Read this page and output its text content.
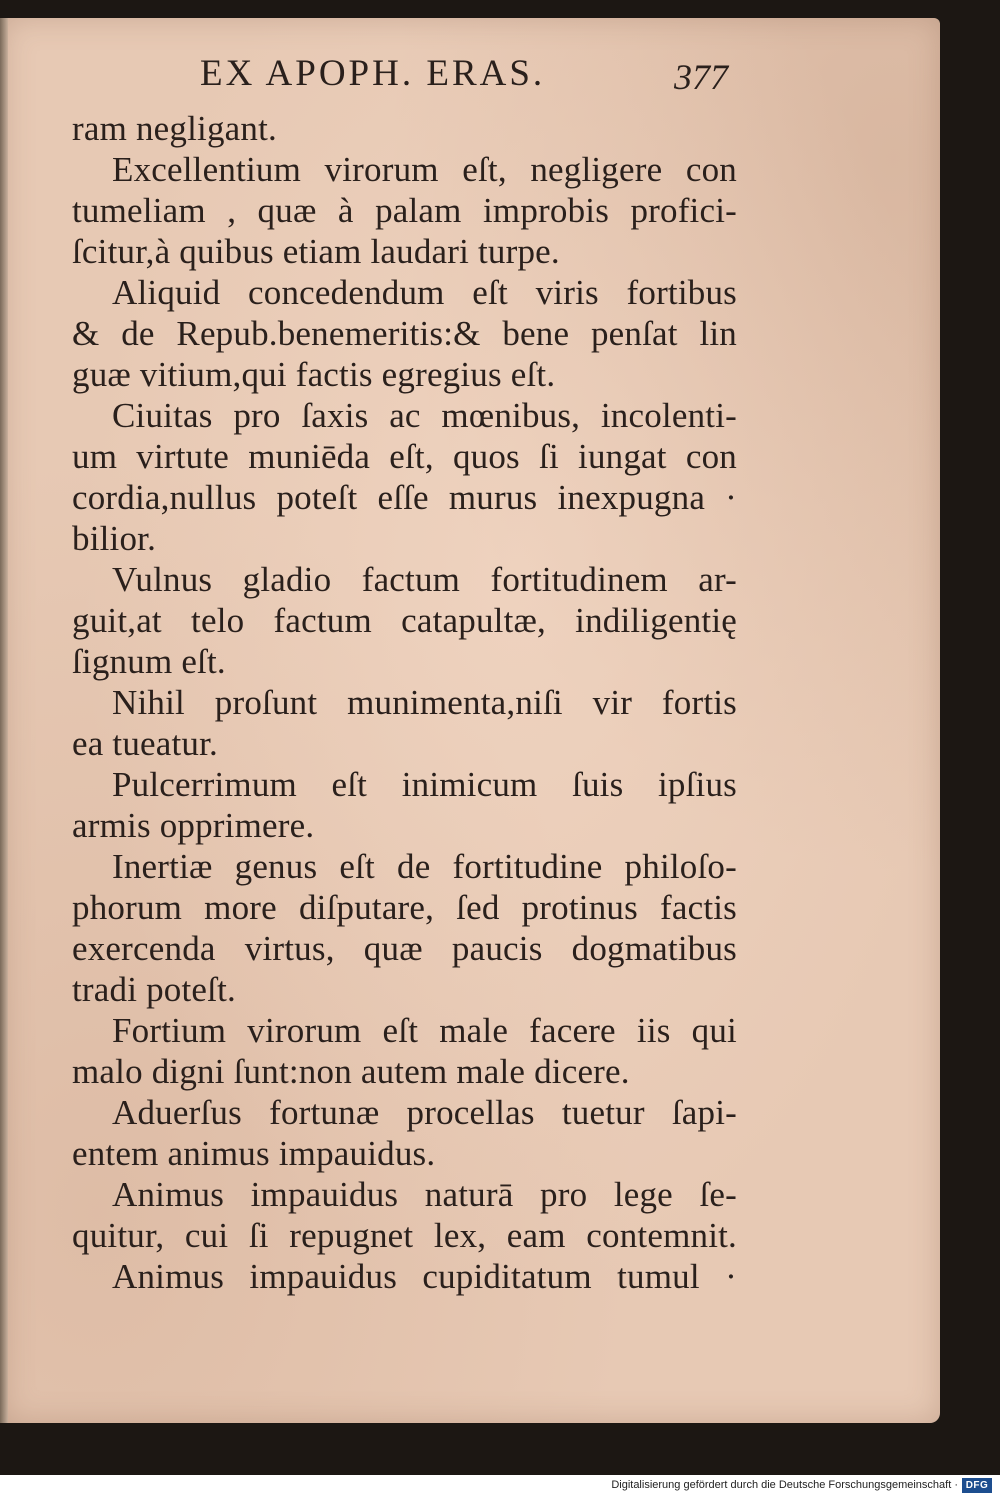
EX APOPH. ERAS.	377
ram negligant.
Excellentium virorum eſt, negligere con
tumeliam , quæ à palam improbis profici-
ſcitur,à quibus etiam laudari turpe.
Aliquid concedendum eſt viris fortibus
& de Repub.benemeritis:& bene penſat lin
guæ vitium,qui factis egregius eſt.
Ciuitas pro ſaxis ac mœnibus, incolenti-
um virtute muniēda eſt, quos ſi iungat con
cordia,nullus poteſt eſſe murus inexpugna ·
bilior.
Vulnus gladio factum fortitudinem ar-
guit,at telo factum catapultæ, indiligentię
ſignum eſt.
Nihil proſunt munimenta,niſi vir fortis
ea tueatur.
Pulcerrimum eſt inimicum ſuis ipſius
armis opprimere.
Inertiæ genus eſt de fortitudine philoſo-
phorum more diſputare, ſed protinus factis
exercenda virtus, quæ paucis dogmatibus
tradi poteſt.
Fortium virorum eſt male facere iis qui
malo digni ſunt:non autem male dicere.
Aduerſus fortunæ procellas tuetur ſapi-
entem animus impauidus.
Animus impauidus naturā pro lege ſe-
quitur, cui ſi repugnet lex, eam contemnit.
Animus impauidus cupiditatum tumul ·
Digitalisierung gefördert durch die Deutsche Forschungsgemeinschaft · DFG
